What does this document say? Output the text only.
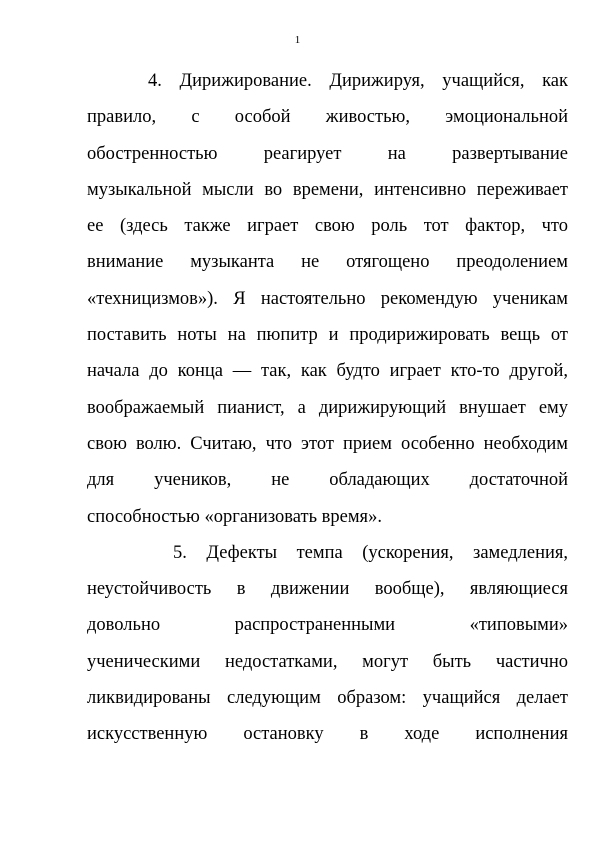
1
4. Дирижирование. Дирижируя, учащийся, как
правило, с особой живостью, эмоциональной
обостренностью реагирует на развертывание
музыкальной мысли во времени, интенсивно переживает
ее (здесь также играет свою роль тот фактор, что
внимание музыканта не отягощено преодолением
«техницизмов»). Я настоятельно рекомендую ученикам
поставить ноты на пюпитр и продирижировать вещь от
начала до конца — так, как будто играет кто-то другой,
воображаемый пианист, а дирижирующий внушает ему
свою волю. Считаю, что этот прием особенно необходим
для учеников, не обладающих достаточной
способностью «организовать время».
5. Дефекты темпа (ускорения, замедления,
неустойчивость в движении вообще), являющиеся
довольно распространенными «типовыми»
ученическими недостатками, могут быть частично
ликвидированы следующим образом: учащийся делает
искусственную остановку в ходе исполнения
